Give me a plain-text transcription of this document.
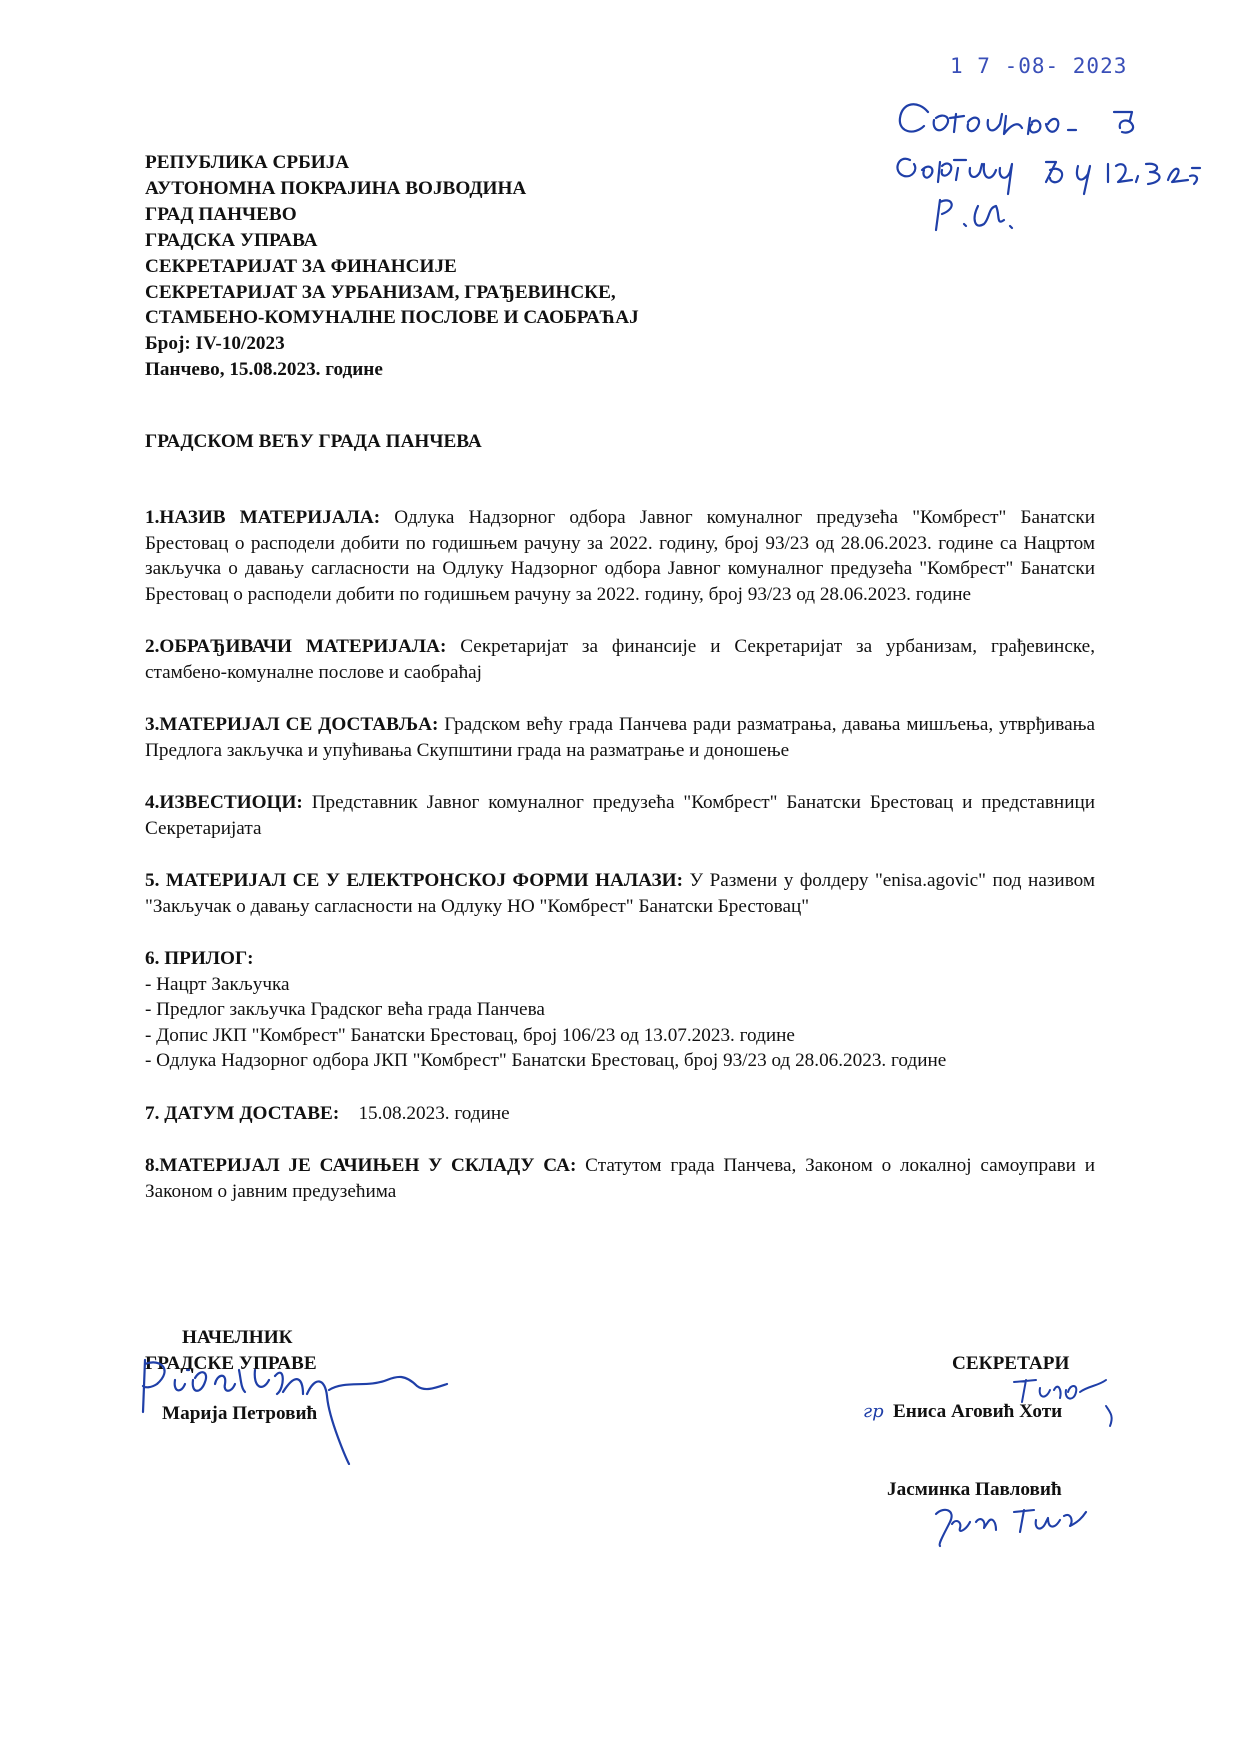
1 7 -08- 2023
РЕПУБЛИКА СРБИЈА
АУТОНОМНА ПОКРАЈИНА ВОЈВОДИНА
ГРАД ПАНЧЕВО
ГРАДСКА УПРАВА
СЕКРЕТАРИЈАТ ЗА ФИНАНСИЈЕ
СЕКРЕТАРИЈАТ ЗА УРБАНИЗАМ, ГРАЂЕВИНСКЕ,
СТАМБЕНО-КОМУНАЛНЕ ПОСЛОВЕ И САОБРАЋАЈ
Број: IV-10/2023
Панчево, 15.08.2023. године
ГРАДСКОМ ВЕЋУ ГРАДА ПАНЧЕВА

1.НАЗИВ МАТЕРИЈАЛА: Одлука Надзорног одбора Јавног комуналног предузећа "Комбрест" Банатски Брестовац о расподели добити по годишњем рачуну за 2022. годину, број 93/23 од 28.06.2023. године са Нацртом закључка о давању сагласности на Одлуку Надзорног одбора Јавног комуналног предузећа "Комбрест" Банатски Брестовац о расподели добити по годишњем рачуну за 2022. годину, број 93/23 од 28.06.2023. године

2.ОБРАЂИВАЧИ МАТЕРИЈАЛА: Секретаријат за финансије и Секретаријат за урбанизам, грађевинске, стамбено-комуналне послове и саобраћај

3.МАТЕРИЈАЛ СЕ ДОСТАВЉА: Градском већу града Панчева ради разматрања, давања мишљења, утврђивања Предлога закључка и упућивања Скупштини града на разматрање и доношење

4.ИЗВЕСТИОЦИ: Представник Јавног комуналног предузећа "Комбрест" Банатски Брестовац и представници Секретаријата

5. МАТЕРИЈАЛ СЕ У ЕЛЕКТРОНСКОЈ ФОРМИ НАЛАЗИ: У Размени у фолдеру "enisa.agovic" под називом "Закључак о давању сагласности на Одлуку НО "Комбрест" Банатски Брестовац"

6. ПРИЛОГ:
- Нацрт Закључка
- Предлог закључка Градског већа града Панчева
- Допис ЈКП "Комбрест" Банатски Брестовац, број 106/23 од 13.07.2023. године
- Одлука Надзорног одбора ЈКП "Комбрест" Банатски Брестовац, број 93/23 од 28.06.2023. године

7. ДАТУМ ДОСТАВЕ: 15.08.2023. године

8.МАТЕРИЈАЛ ЈЕ САЧИЊЕН У СКЛАДУ СА: Статутом града Панчева, Законом о локалној самоуправи и Законом о јавним предузећима

НАЧЕЛНИК
ГРАДСКЕ УПРАВЕ
Марија Петровић
СЕКРЕТАРИ
Ениса Аговић Хоти
гр
Јасминка Павловић
